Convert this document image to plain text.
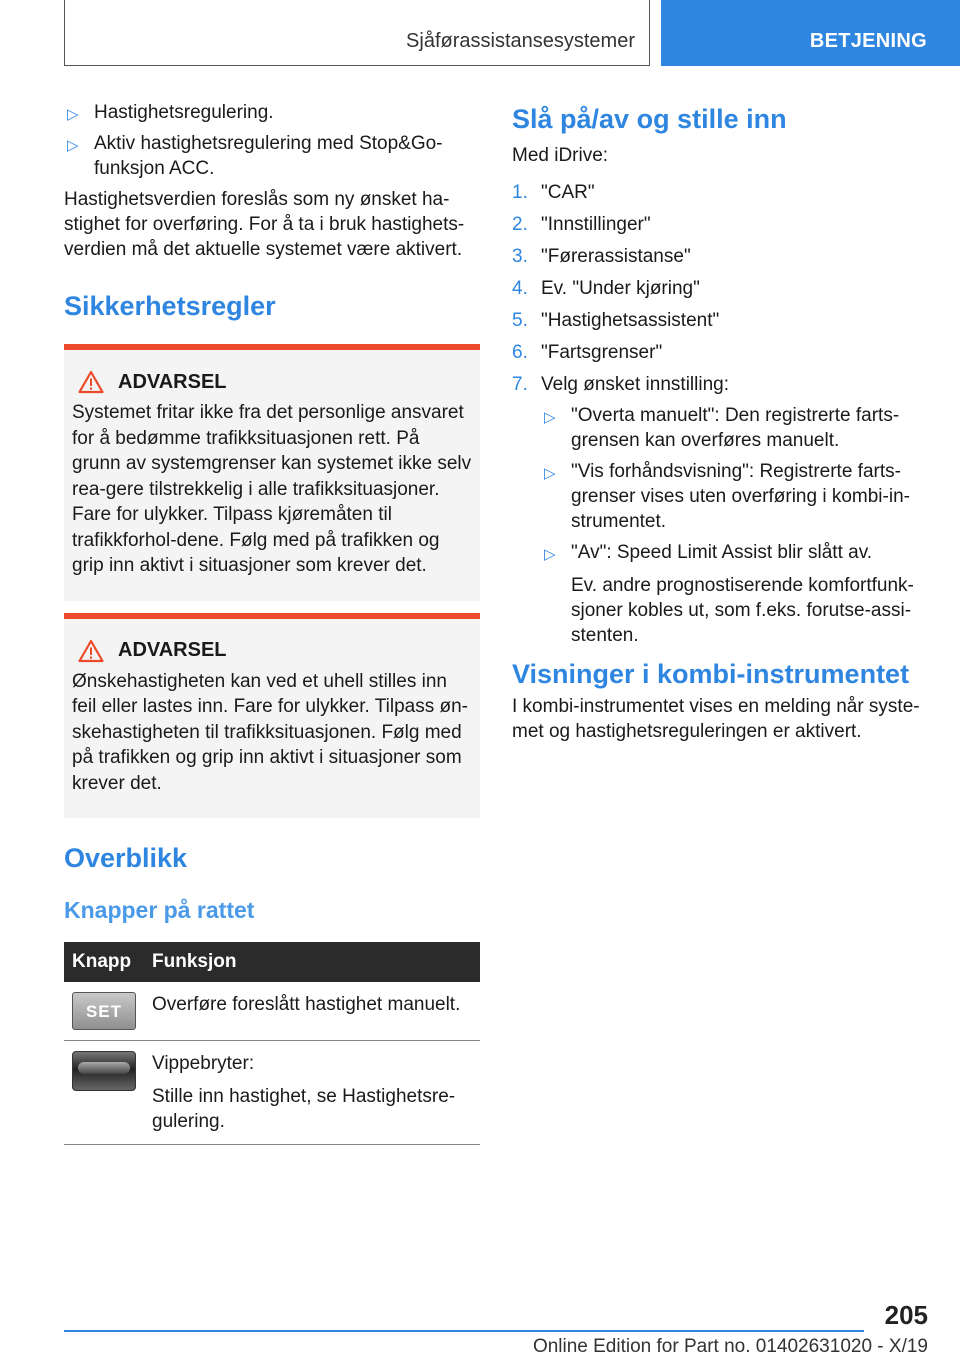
Sjåførassistansesystemer	BETJENING
▷ Hastighetsregulering.
▷ Aktiv hastighetsregulering med Stop&Go-funksjon ACC.

Hastighetsverdien foreslås som ny ønsket ha-stighet for overføring. For å ta i bruk hastighets-verdien må det aktuelle systemet være aktivert.

Sikkerhetsregler
ADVARSEL

Systemet fritar ikke fra det personlige ansvaret for å bedømme trafikksituasjonen rett. På grunn av systemgrenser kan systemet ikke selv rea-gere tilstrekkelig i alle trafikksituasjoner. Fare for ulykker. Tilpass kjøremåten til trafikkforhol-dene. Følg med på trafikken og grip inn aktivt i situasjoner som krever det.

ADVARSEL

Ønskehastigheten kan ved et uhell stilles inn feil eller lastes inn. Fare for ulykker. Tilpass øn-skehastigheten til trafikksituasjonen. Følg med på trafikken og grip inn aktivt i situasjoner som krever det.

Overblikk
Knapper på rattet
Knapp	Funksjon

SET	Overføre foreslått hastighet manuelt.

	Vippebryter:

Stille inn hastighet, se Hastighetsre-gulering.

Slå på/av og stille inn

Med iDrive:

1. "CAR"
2. "Innstillinger"
3. "Førerassistanse"
4. Ev. "Under kjøring"
5. "Hastighetsassistent"
6. "Fartsgrenser"
7. Velg ønsket innstilling:
▷ "Overta manuelt": Den registrerte farts-grensen kan overføres manuelt.
▷ "Vis forhåndsvisning": Registrerte farts-grenser vises uten overføring i kombi-in-strumentet.
▷ "Av": Speed Limit Assist blir slått av.

Ev. andre prognostiserende komfortfunk-sjoner kobles ut, som f.eks. forutse-assi-stenten.

Visninger i kombi-instrumentet

I kombi-instrumentet vises en melding når syste-met og hastighetsreguleringen er aktivert.

205
Online Edition for Part no. 01402631020 - X/19
